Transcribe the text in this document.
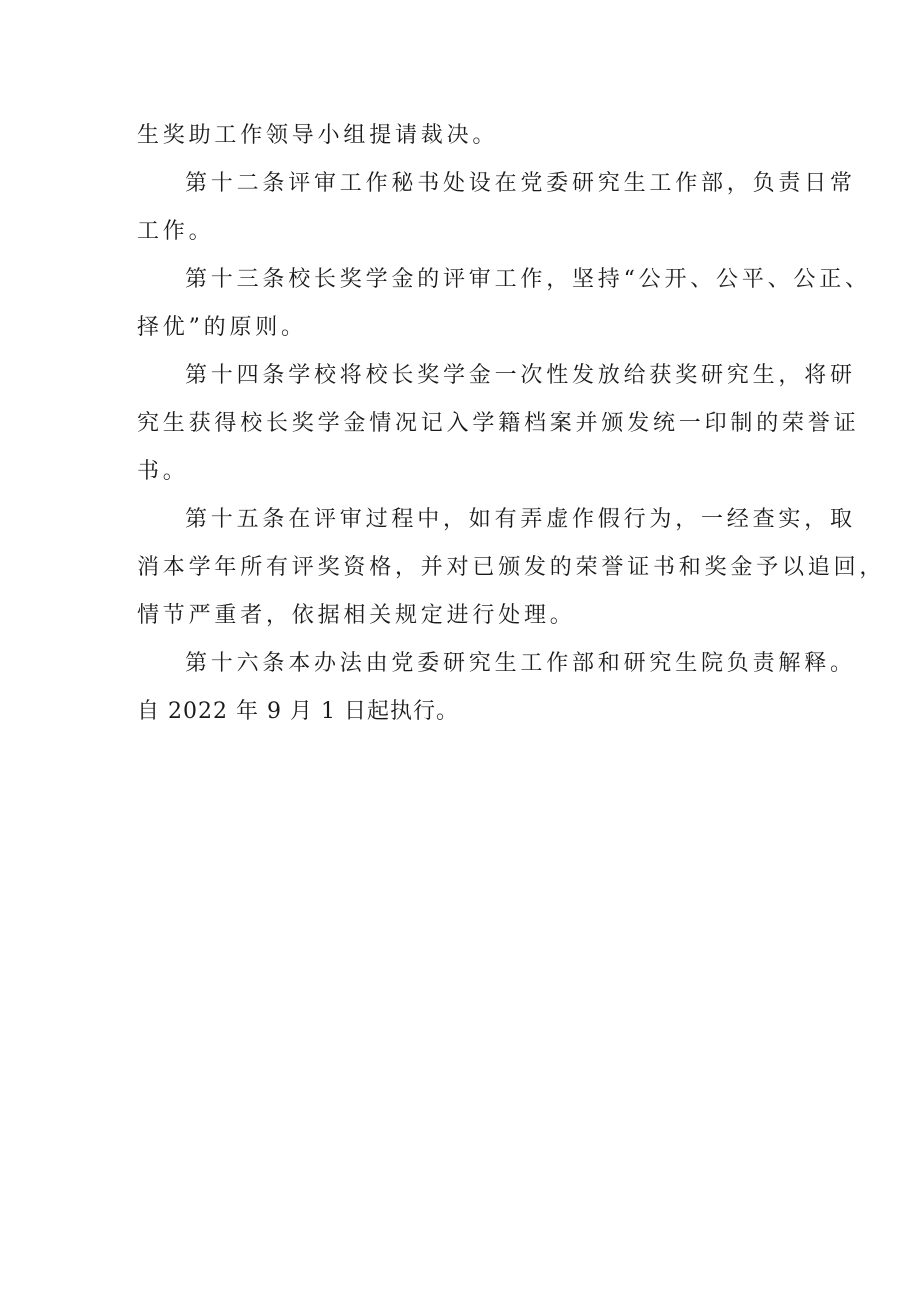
生奖助工作领导小组提请裁决。
第十二条评审工作秘书处设在党委研究生工作部，负责日常
工作。
第十三条校长奖学金的评审工作，坚持“公开、公平、公正、
择优”的原则。
第十四条学校将校长奖学金一次性发放给获奖研究生，将研
究生获得校长奖学金情况记入学籍档案并颁发统一印制的荣誉证
书。
第十五条在评审过程中，如有弄虚作假行为，一经查实，取
消本学年所有评奖资格，并对已颁发的荣誉证书和奖金予以追回，
情节严重者，依据相关规定进行处理。
第十六条本办法由党委研究生工作部和研究生院负责解释。
自 2022 年 9 月 1 日起执行。
